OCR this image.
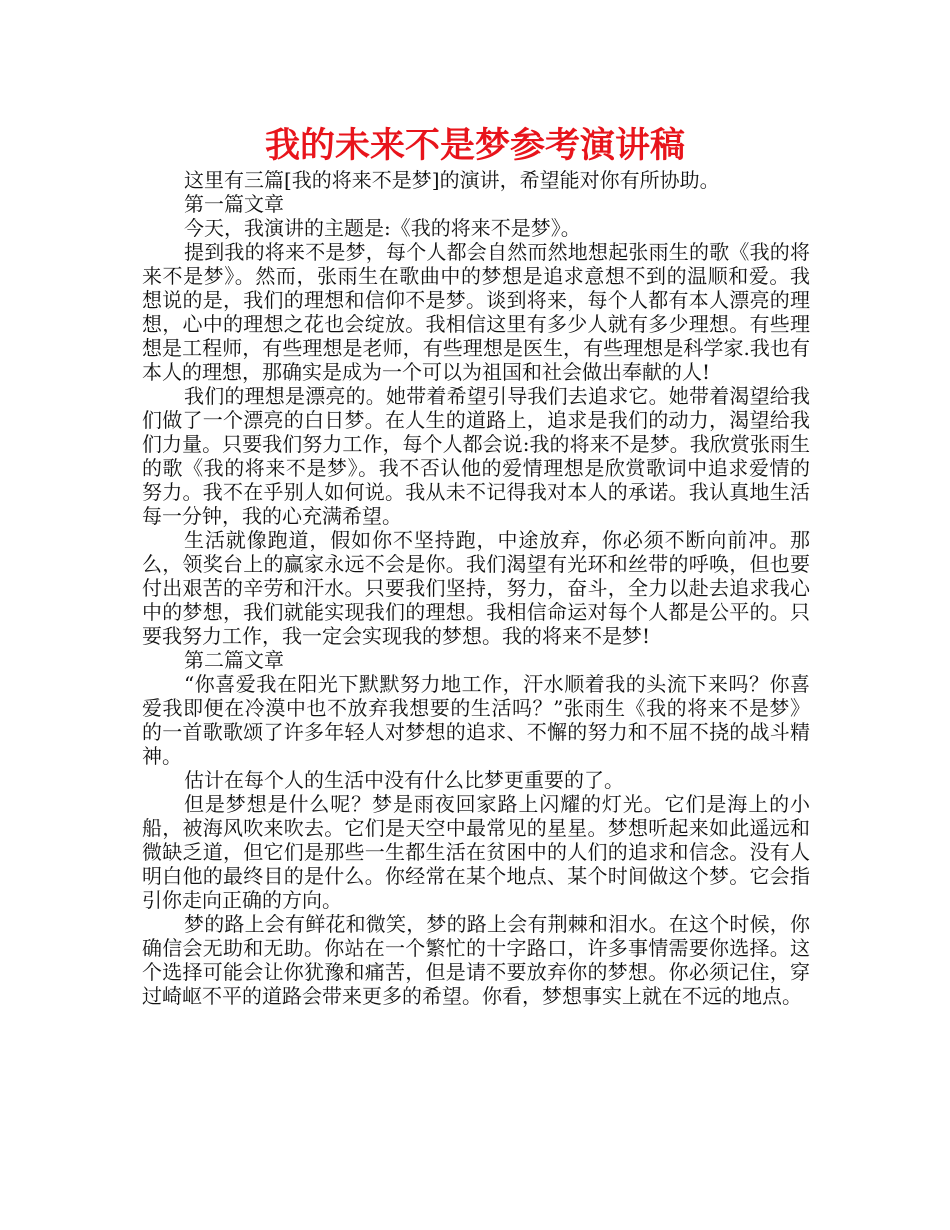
我的未来不是梦参考演讲稿

这里有三篇[我的将来不是梦]的演讲，希望能对你有所协助。

第一篇文章

今天，我演讲的主题是:《我的将来不是梦》。

提到我的将来不是梦，每个人都会自然而然地想起张雨生的歌《我的将来不是梦》。然而，张雨生在歌曲中的梦想是追求意想不到的温顺和爱。我想说的是，我们的理想和信仰不是梦。谈到将来，每个人都有本人漂亮的理想，心中的理想之花也会绽放。我相信这里有多少人就有多少理想。有些理想是工程师，有些理想是老师，有些理想是医生，有些理想是科学家.我也有本人的理想，那确实是成为一个可以为祖国和社会做出奉献的人!

我们的理想是漂亮的。她带着希望引导我们去追求它。她带着渴望给我们做了一个漂亮的白日梦。在人生的道路上，追求是我们的动力，渴望给我们力量。只要我们努力工作，每个人都会说:我的将来不是梦。我欣赏张雨生的歌《我的将来不是梦》。我不否认他的爱情理想是欣赏歌词中追求爱情的努力。我不在乎别人如何说。我从未不记得我对本人的承诺。我认真地生活每一分钟，我的心充满希望。

生活就像跑道，假如你不坚持跑，中途放弃，你必须不断向前冲。那么，领奖台上的赢家永远不会是你。我们渴望有光环和丝带的呼唤，但也要付出艰苦的辛劳和汗水。只要我们坚持，努力，奋斗，全力以赴去追求我心中的梦想，我们就能实现我们的理想。我相信命运对每个人都是公平的。只要我努力工作，我一定会实现我的梦想。我的将来不是梦!

第二篇文章

“你喜爱我在阳光下默默努力地工作，汗水顺着我的头流下来吗？你喜爱我即便在冷漠中也不放弃我想要的生活吗？”张雨生《我的将来不是梦》的一首歌歌颂了许多年轻人对梦想的追求、不懈的努力和不屈不挠的战斗精神。

估计在每个人的生活中没有什么比梦更重要的了。

但是梦想是什么呢？梦是雨夜回家路上闪耀的灯光。它们是海上的小船，被海风吹来吹去。它们是天空中最常见的星星。梦想听起来如此遥远和微缺乏道，但它们是那些一生都生活在贫困中的人们的追求和信念。没有人明白他的最终目的是什么。你经常在某个地点、某个时间做这个梦。它会指引你走向正确的方向。

梦的路上会有鲜花和微笑，梦的路上会有荆棘和泪水。在这个时候，你确信会无助和无助。你站在一个繁忙的十字路口，许多事情需要你选择。这个选择可能会让你犹豫和痛苦，但是请不要放弃你的梦想。你必须记住，穿过崎岖不平的道路会带来更多的希望。你看，梦想事实上就在不远的地点。
